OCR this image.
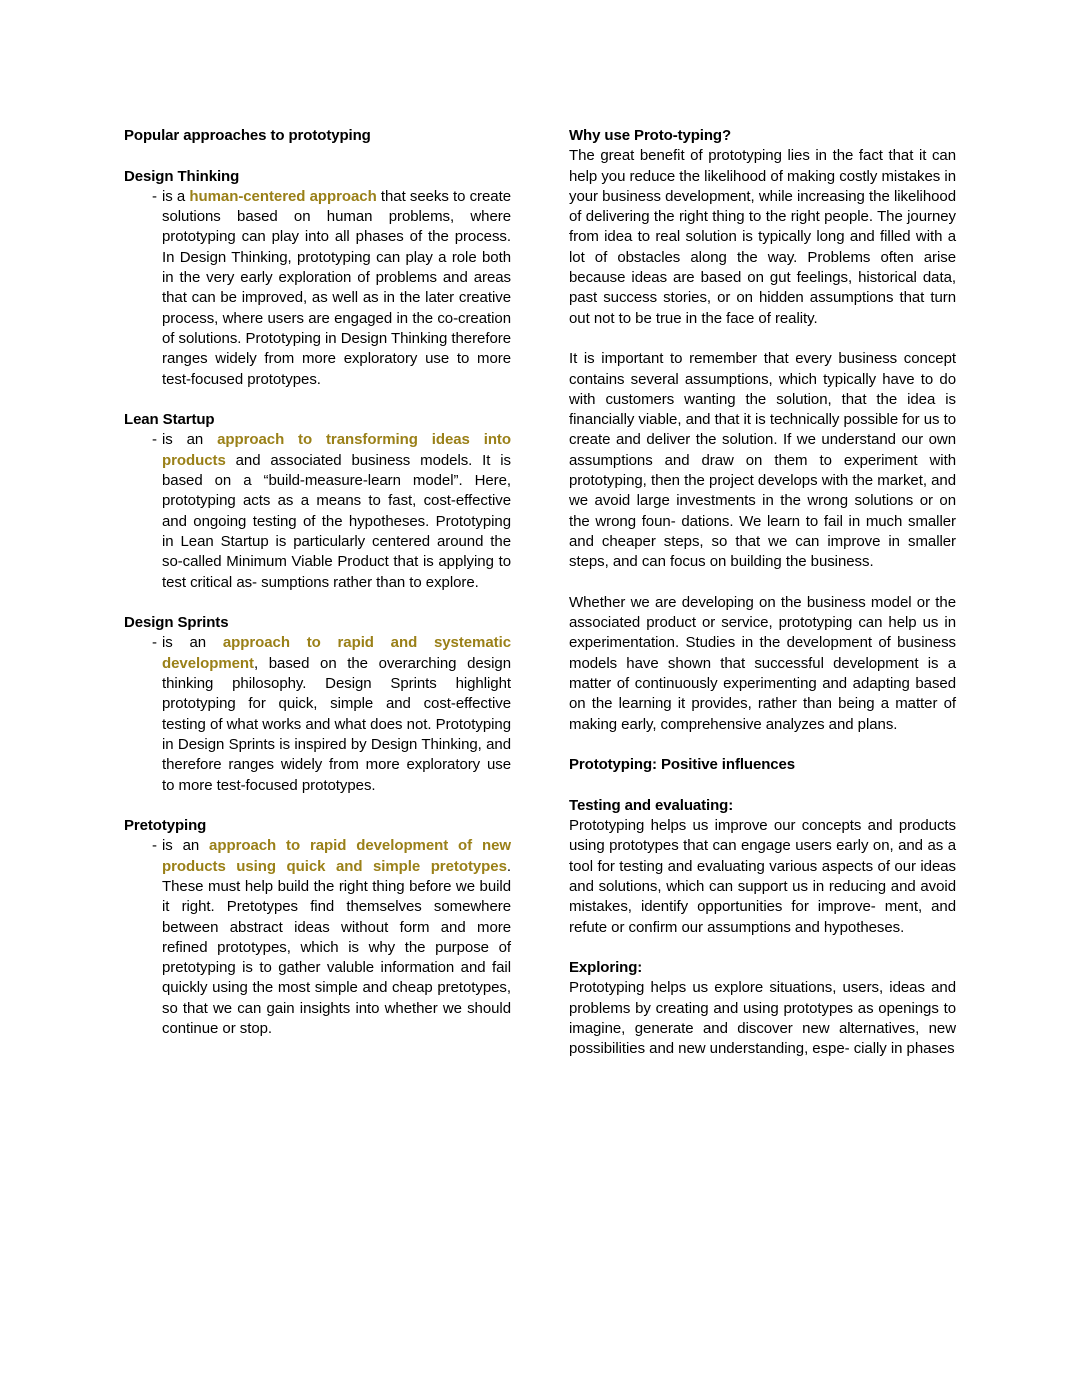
Popular approaches to prototyping
Design Thinking
- is a human-centered approach that seeks to create solutions based on human problems, where prototyping can play into all phases of the process. In Design Thinking, prototyping can play a role both in the very early exploration of problems and areas that can be improved, as well as in the later creative process, where users are engaged in the co-creation of solutions. Prototyping in Design Thinking therefore ranges widely from more exploratory use to more test-focused prototypes.
Lean Startup
- is an approach to transforming ideas into products and associated business models. It is based on a “build-measure-learn model”. Here, prototyping acts as a means to fast, cost-effective and ongoing testing of the hypotheses. Prototyping in Lean Startup is particularly centered around the so-called Minimum Viable Product that is applying to test critical as- sumptions rather than to explore.
Design Sprints
- is an approach to rapid and systematic development, based on the overarching design thinking philosophy. Design Sprints highlight prototyping for quick, simple and cost-effective testing of what works and what does not. Prototyping in Design Sprints is inspired by Design Thinking, and therefore ranges widely from more exploratory use to more test-focused prototypes.
Pretotyping
- is an approach to rapid development of new products using quick and simple pretotypes. These must help build the right thing before we build it right. Pretotypes find themselves somewhere between abstract ideas without form and more refined prototypes, which is why the purpose of pretotyping is to gather valuble information and fail quickly using the most simple and cheap pretotypes, so that we can gain insights into whether we should continue or stop.
Why use Proto-typing?

The great benefit of prototyping lies in the fact that it can help you reduce the likelihood of making costly mistakes in your business development, while increasing the likelihood of delivering the right thing to the right people. The journey from idea to real solution is typically long and filled with a lot of obstacles along the way. Problems often arise because ideas are based on gut feelings, historical data, past success stories, or on hidden assumptions that turn out not to be true in the face of reality.

It is important to remember that every business concept contains several assumptions, which typically have to do with customers wanting the solution, that the idea is financially viable, and that it is technically possible for us to create and deliver the solution. If we understand our own assumptions and draw on them to experiment with prototyping, then the project develops with the market, and we avoid large investments in the wrong solutions or on the wrong foun- dations. We learn to fail in much smaller and cheaper steps, so that we can improve in smaller steps, and can focus on building the business.

Whether we are developing on the business model or the associated product or service, prototyping can help us in experimentation. Studies in the development of business models have shown that successful development is a matter of continuously experimenting and adapting based on the learning it provides, rather than being a matter of making early, comprehensive analyzes and plans.

Prototyping: Positive influences
Testing and evaluating:

Prototyping helps us improve our concepts and products using prototypes that can engage users early on, and as a tool for testing and evaluating various aspects of our ideas and solutions, which can support us in reducing and avoid mistakes, identify opportunities for improve- ment, and refute or confirm our assumptions and hypotheses.

Exploring:

Prototyping helps us explore situations, users, ideas and problems by creating and using prototypes as openings to imagine, generate and discover new alternatives, new possibilities and new understanding, espe- cially in phases
